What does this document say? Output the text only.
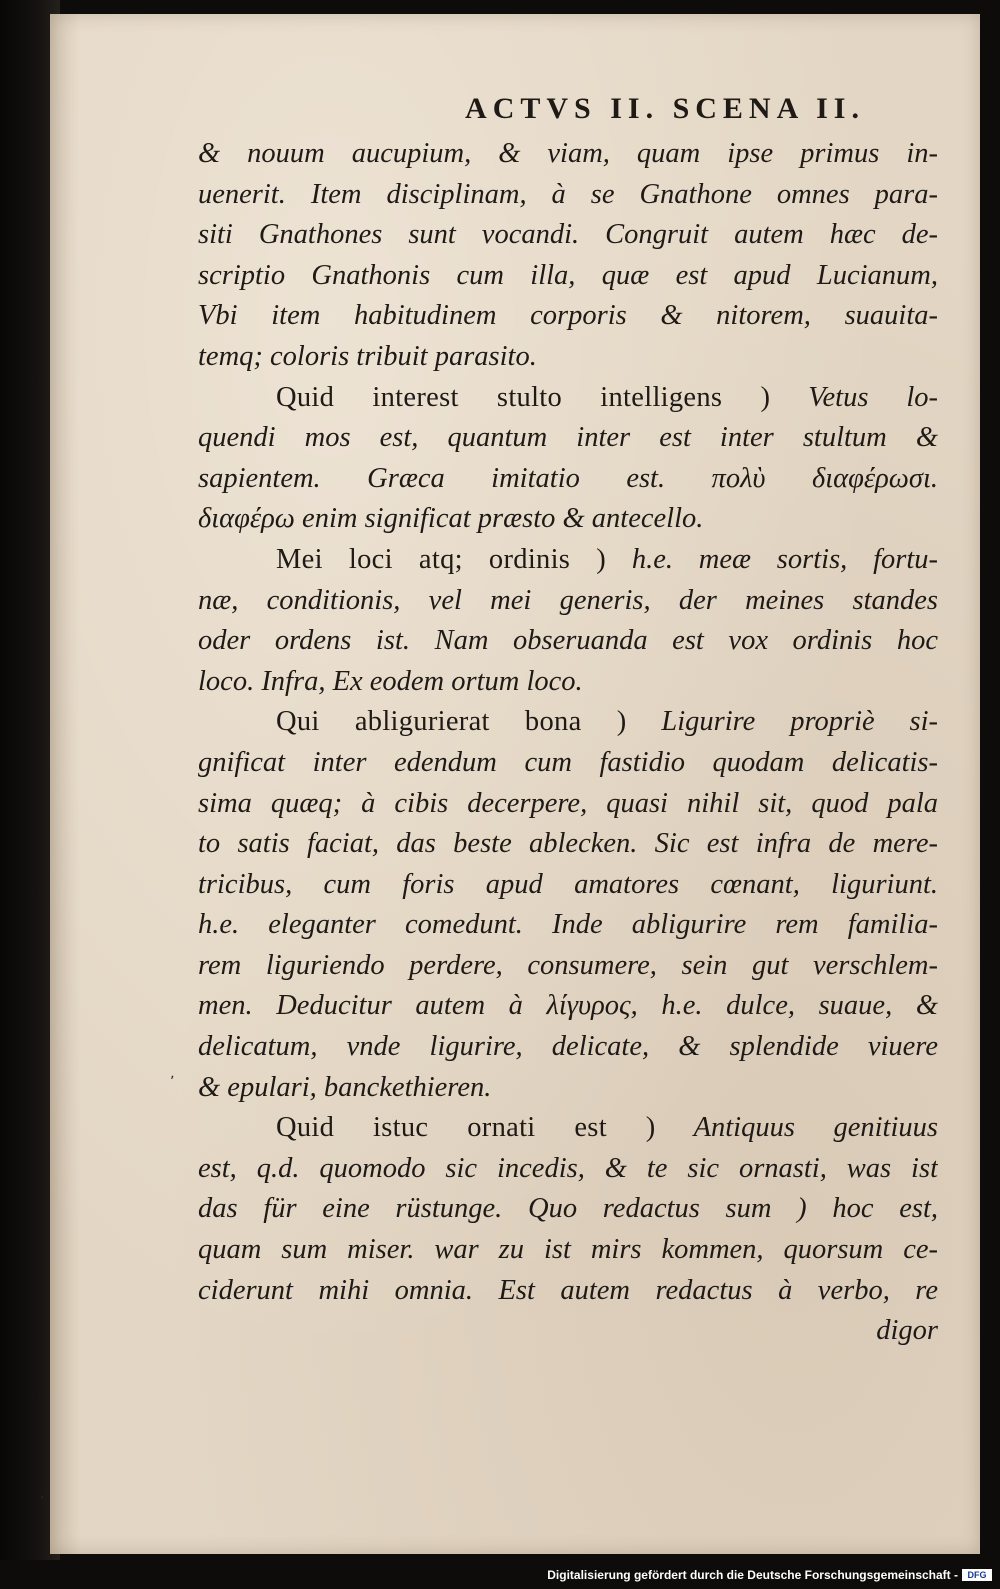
ACTVS II. SCENA II.
ʼ
ʼ
& nouum aucupium, & viam, quam ipse primus in-
uenerit. Item disciplinam, à se Gnathone omnes para-
siti Gnathones sunt vocandi. Congruit autem hæc de-
scriptio Gnathonis cum illa, quæ est apud Lucianum,
Vbi item habitudinem corporis & nitorem, suauita-
temq; coloris tribuit parasito.
Quid interest stulto intelligens ) Vetus lo-
quendi mos est, quantum inter est inter stultum &
sapientem. Græca imitatio est. πολὺ διαφέρωσι.
διαφέρω enim significat præsto & antecello.
Mei loci atq; ordinis ) h.e. meæ sortis, fortu-
næ, conditionis, vel mei generis, der meines standes
oder ordens ist. Nam obseruanda est vox ordinis hoc
loco. Infra, Ex eodem ortum loco.
Qui abligurierat bona ) Ligurire propriè si-
gnificat inter edendum cum fastidio quodam delicatis-
sima quæq; à cibis decerpere, quasi nihil sit, quod pala
to satis faciat, das beste ablecken. Sic est infra de mere-
tricibus, cum foris apud amatores cœnant, liguriunt.
h.e. eleganter comedunt. Inde abligurire rem familia-
rem liguriendo perdere, consumere, sein gut verschlem-
men. Deducitur autem à λίγυρος, h.e. dulce, suaue, &
delicatum, vnde ligurire, delicate, & splendide viuere
& epulari, banckethieren.
Quid istuc ornati est ) Antiquus genitiuus
est, q.d. quomodo sic incedis, & te sic ornasti, was ist
das für eine rüstunge. Quo redactus sum ) hoc est,
quam sum miser. war zu ist mirs kommen, quorsum ce-
ciderunt mihi omnia. Est autem redactus à verbo, re
digor
Digitalisierung gefördert durch die Deutsche Forschungsgemeinschaft -	DFG
